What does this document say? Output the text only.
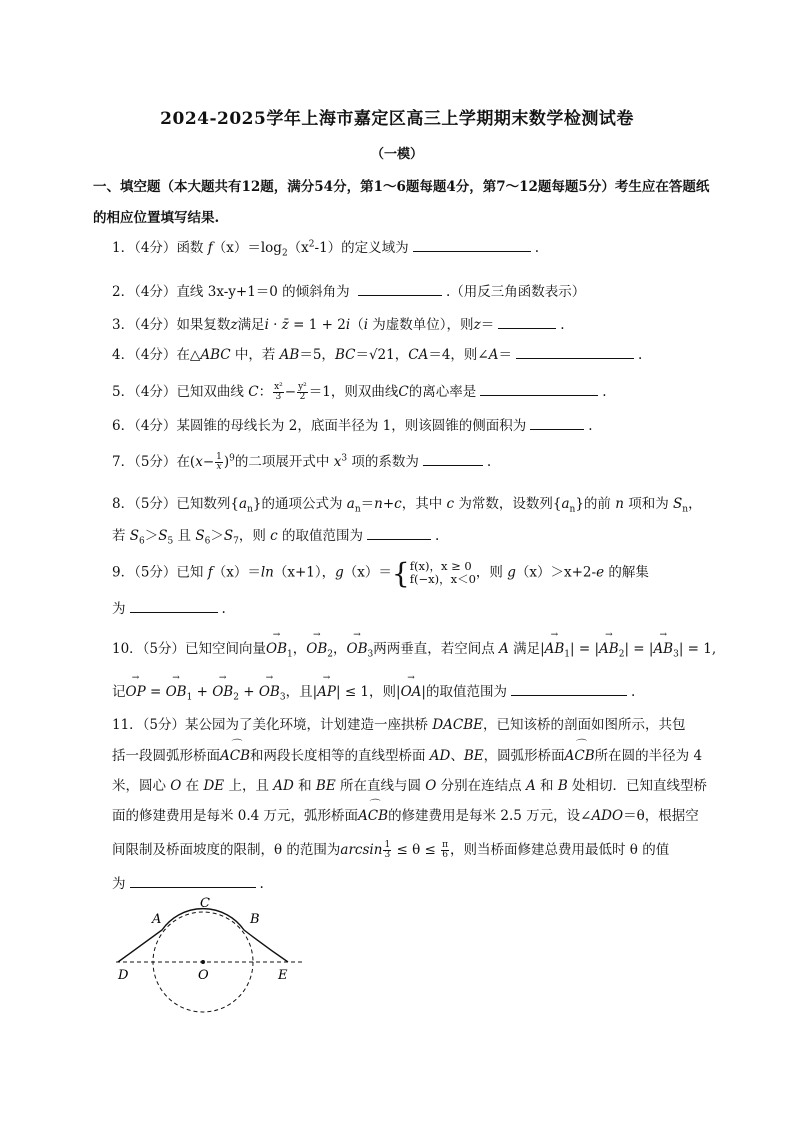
2024-2025学年上海市嘉定区高三上学期期末数学检测试卷
（一模）
一、填空题（本大题共有12题，满分54分，第1～6题每题4分，第7～12题每题5分）考生应在答题纸的相应位置填写结果.
1．（4分）函数 $f(x)=\log_2(x^2-1)$的定义域为	.
2．（4分）直线 3x-y+1＝0 的倾斜角为	.（用反三角函数表示）
3．（4分）如果复数z满足i · z̄ = 1 + 2i（i 为虚数单位），则z＝	.
4．（4分）在△ABC 中，若 AB＝5，BC＝√21，CA＝4，则∠A＝	.
5．（4分）已知双曲线 C： $\frac{\text{x²}}{3} - \frac{\text{y²}}{2} =1$，则双曲线C的离心率是	.
6．（4分）某圆锥的母线长为 2，底面半径为 1，则该圆锥的侧面积为	.
7．（5分）在$(x- \frac{1}{x})^9$的二项展开式中 $x^3$ 项的系数为	.
8．（5分）已知数列$\{a_n\}$的通项公式为 $a_n=n+c$，其中 c 为常数，设数列$\{a_n\}$的前 n 项和为 $S_n$，
若 $S_6>S_5$ 且 $S_6>S_7$，则 c 的取值范围为	.
9．（5分）已知 f（x）＝ln（x+1），g（x）＝{ f(x)，x ≥ 0
f(−x)，x＜0 ，则 g（x）＞x+2-e 的解集
为	.
10．（5分）已知空间向量→ $OB_1$，→ $OB_2$，→ $OB_3$两两垂直，若空间点 A 满足|→ $AB_1|$ = |→ $AB_2|$ = |→ $AB_3| = 1$,
记→ OP = → $OB_1$ + → $OB_2$ + → $OB_3$，且|→ AP| ≤ 1，则|→ OA|的取值范围为	.
11．（5分）某公园为了美化环境，计划建造一座拱桥 DACBE，已知该桥的剖面如图所示，共包
括一段圆弧形桥面⌒ ACB和两段长度相等的直线型桥面 AD、BE，圆弧形桥面⌒ ACB所在圆的半径为 4
米，圆心 O 在 DE 上，且 AD 和 BE 所在直线与圆 O 分别在连结点 A 和 B 处相切．已知直线型桥
面的修建费用是每米 0.4 万元，弧形桥面⌒ ACB的修建费用是每米 2.5 万元，设∠ADO＝θ，根据空
间限制及桥面坡度的限制，θ 的范围为$\arcsin \frac{1}{3} \le \theta \le \frac{\pi}{6}$ ，则当桥面修建总费用最低时 θ 的值
为	.
C
A	B
D	O	E
